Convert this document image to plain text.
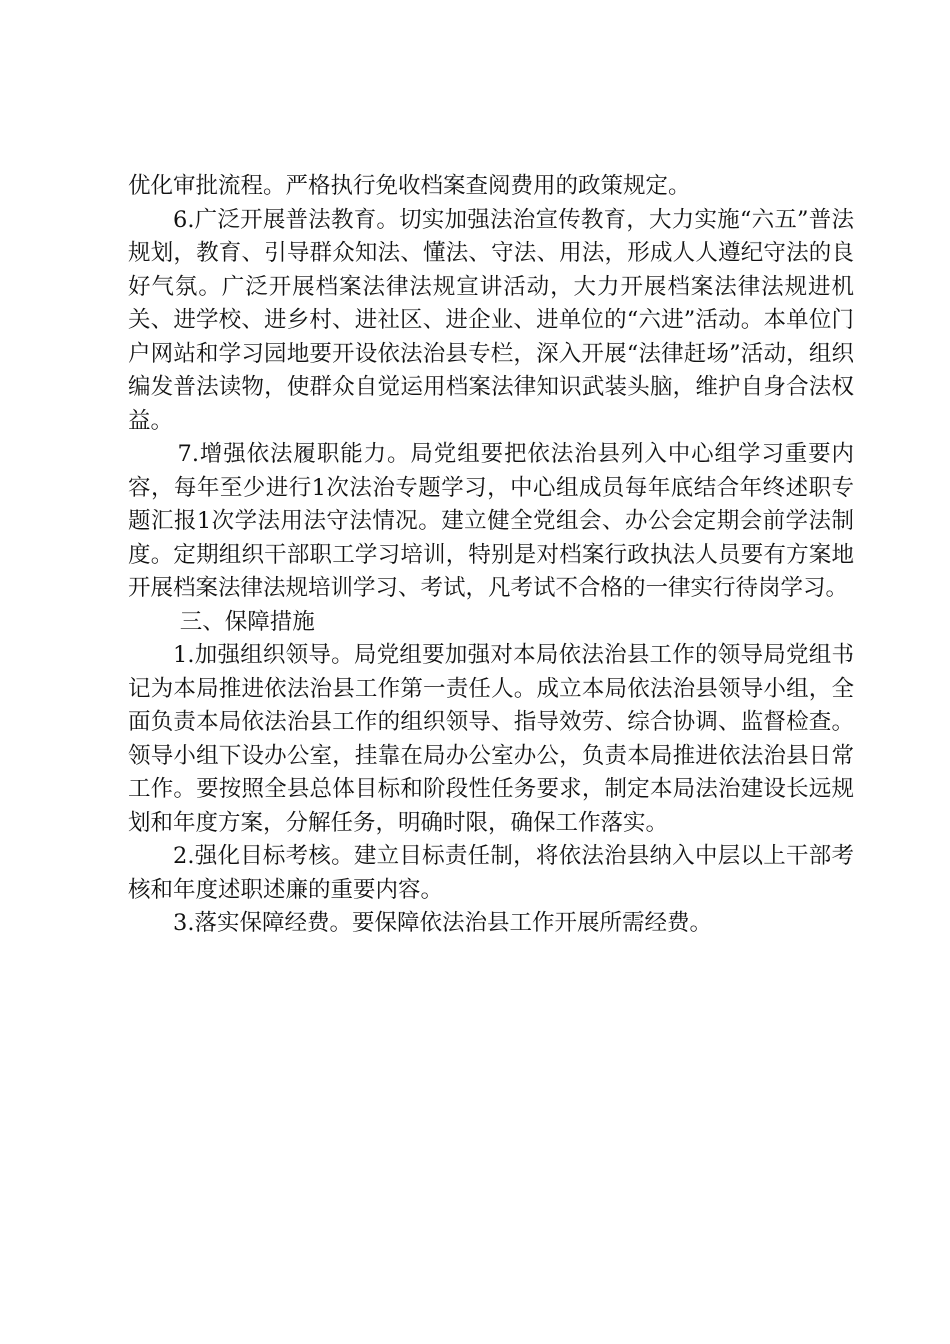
优化审批流程。严格执行免收档案查阅费用的政策规定。

6.广泛开展普法教育。切实加强法治宣传教育，大力实施“六五”普法规划，教育、引导群众知法、懂法、守法、用法，形成人人遵纪守法的良好气氛。广泛开展档案法律法规宣讲活动，大力开展档案法律法规进机关、进学校、进乡村、进社区、进企业、进单位的“六进”活动。本单位门户网站和学习园地要开设依法治县专栏，深入开展“法律赶场”活动，组织编发普法读物，使群众自觉运用档案法律知识武装头脑，维护自身合法权益。

7.增强依法履职能力。局党组要把依法治县列入中心组学习重要内容，每年至少进行1次法治专题学习，中心组成员每年底结合年终述职专题汇报1次学法用法守法情况。建立健全党组会、办公会定期会前学法制度。定期组织干部职工学习培训，特别是对档案行政执法人员要有方案地开展档案法律法规培训学习、考试，凡考试不合格的一律实行待岗学习。

三、保障措施

1.加强组织领导。局党组要加强对本局依法治县工作的领导局党组书记为本局推进依法治县工作第一责任人。成立本局依法治县领导小组，全面负责本局依法治县工作的组织领导、指导效劳、综合协调、监督检查。领导小组下设办公室，挂靠在局办公室办公，负责本局推进依法治县日常工作。要按照全县总体目标和阶段性任务要求，制定本局法治建设长远规划和年度方案，分解任务，明确时限，确保工作落实。

2.强化目标考核。建立目标责任制，将依法治县纳入中层以上干部考核和年度述职述廉的重要内容。

3.落实保障经费。要保障依法治县工作开展所需经费。
